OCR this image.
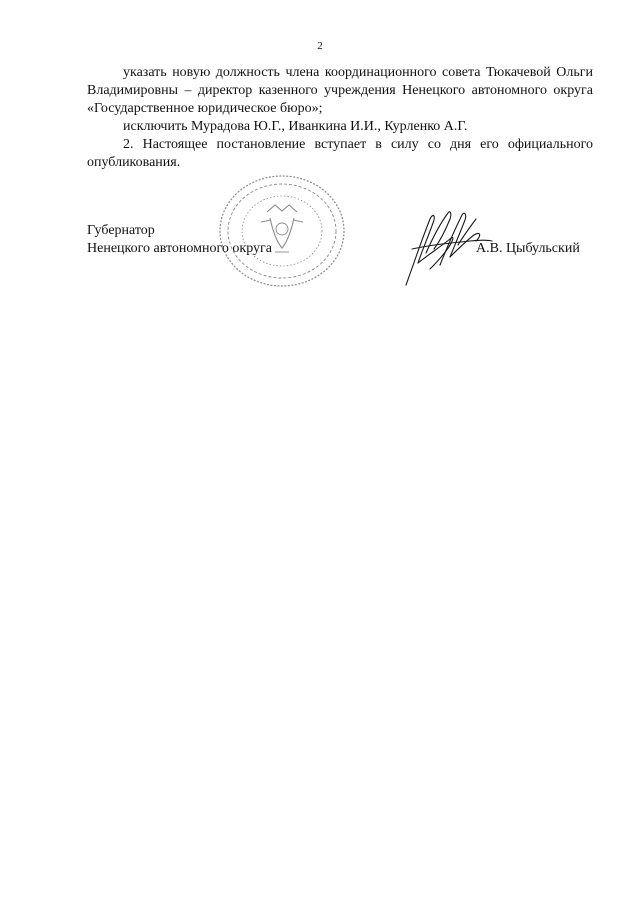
2

указать новую должность члена координационного совета Тюкачевой Ольги Владимировны – директор казенного учреждения Ненецкого автономного округа «Государственное юридическое бюро»;

исключить Мурадова Ю.Г., Иванкина И.И., Курленко А.Г.

2. Настоящее постановление вступает в силу со дня его официального опубликования.

Губернатор
Ненецкого автономного округа	А.В. Цыбульский
